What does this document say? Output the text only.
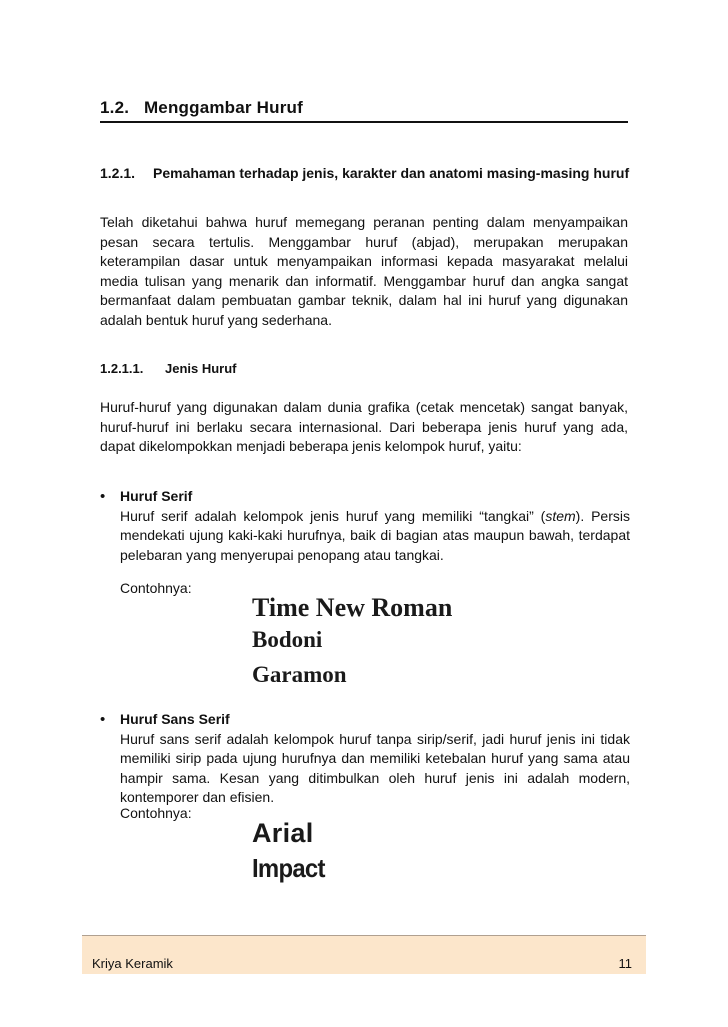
1.2. Menggambar Huruf
1.2.1. Pemahaman terhadap jenis, karakter dan anatomi masing-masing huruf
Telah diketahui bahwa huruf memegang peranan penting dalam menyampaikan pesan secara tertulis. Menggambar huruf (abjad), merupakan merupakan keterampilan dasar untuk menyampaikan informasi kepada masyarakat melalui media tulisan yang menarik dan informatif. Menggambar huruf dan angka sangat bermanfaat dalam pembuatan gambar teknik, dalam hal ini huruf yang digunakan adalah bentuk huruf yang sederhana.
1.2.1.1. Jenis Huruf
Huruf-huruf yang digunakan dalam dunia grafika (cetak mencetak) sangat banyak, huruf-huruf ini berlaku secara internasional. Dari beberapa jenis huruf yang ada, dapat dikelompokkan menjadi beberapa jenis kelompok huruf, yaitu:
• Huruf Serif
Huruf serif adalah kelompok jenis huruf yang memiliki “tangkai” (stem). Persis mendekati ujung kaki-kaki hurufnya, baik di bagian atas maupun bawah, terdapat pelebaran yang menyerupai penopang atau tangkai.
Contohnya:
Time New Roman
Bodoni
Garamon
• Huruf Sans Serif
Huruf sans serif adalah kelompok huruf tanpa sirip/serif, jadi huruf jenis ini tidak memiliki sirip pada ujung hurufnya dan memiliki ketebalan huruf yang sama atau hampir sama. Kesan yang ditimbulkan oleh huruf jenis ini adalah modern, kontemporer dan efisien.
Contohnya:
Arial
Impact
Kriya Keramik	11
